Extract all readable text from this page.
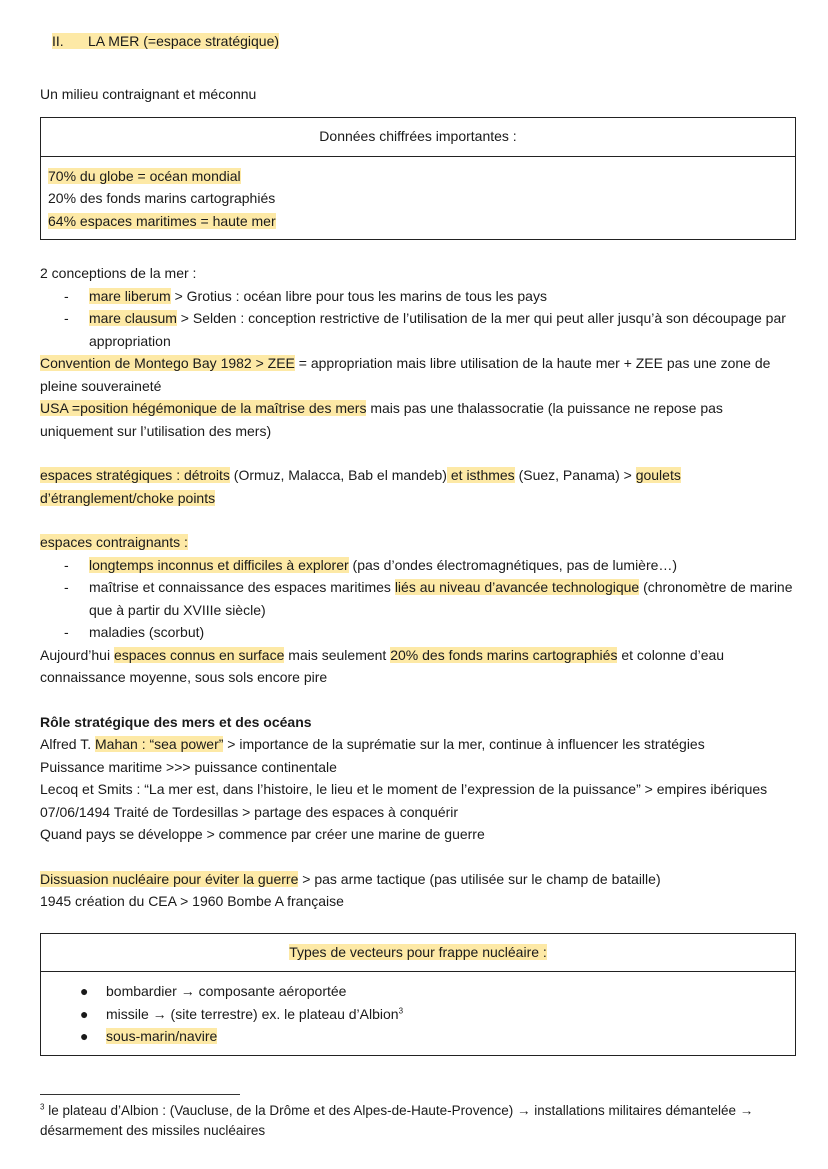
II. LA MER (=espace stratégique)

Un milieu contraignant et méconnu

Données chiffrées importantes :

70% du globe = océan mondial

20% des fonds marins cartographiés

64% espaces maritimes = haute mer

2 conceptions de la mer :

- mare liberum > Grotius : océan libre pour tous les marins de tous les pays
- mare clausum > Selden : conception restrictive de l’utilisation de la mer qui peut aller jusqu’à son découpage par appropriation

Convention de Montego Bay 1982 > ZEE = appropriation mais libre utilisation de la haute mer + ZEE pas une zone de pleine souveraineté

USA =position hégémonique de la maîtrise des mers mais pas une thalassocratie (la puissance ne repose pas uniquement sur l’utilisation des mers)

espaces stratégiques : détroits (Ormuz, Malacca, Bab el mandeb) et isthmes (Suez, Panama) > goulets d’étranglement/choke points

espaces contraignants :

- longtemps inconnus et difficiles à explorer (pas d’ondes électromagnétiques, pas de lumière…)
- maîtrise et connaissance des espaces maritimes liés au niveau d’avancée technologique (chronomètre de marine que à partir du XVIIIe siècle)
- maladies (scorbut)

Aujourd’hui espaces connus en surface mais seulement 20% des fonds marins cartographiés et colonne d’eau connaissance moyenne, sous sols encore pire

Rôle stratégique des mers et des océans

Alfred T. Mahan : “sea power” > importance de la suprématie sur la mer, continue à influencer les stratégies

Puissance maritime >>> puissance continentale

Lecoq et Smits : “La mer est, dans l’histoire, le lieu et le moment de l’expression de la puissance” > empires ibériques

07/06/1494 Traité de Tordesillas > partage des espaces à conquérir

Quand pays se développe > commence par créer une marine de guerre

Dissuasion nucléaire pour éviter la guerre > pas arme tactique (pas utilisée sur le champ de bataille)

1945 création du CEA > 1960 Bombe A française

Types de vecteurs pour frappe nucléaire :
● bombardier → composante aéroportée
● missile → (site terrestre) ex. le plateau d’Albion$^3$
● sous-marin/navire

$^3$ le plateau d’Albion : (Vaucluse, de la Drôme et des Alpes-de-Haute-Provence) → installations militaires démantelée → désarmement des missiles nucléaires
